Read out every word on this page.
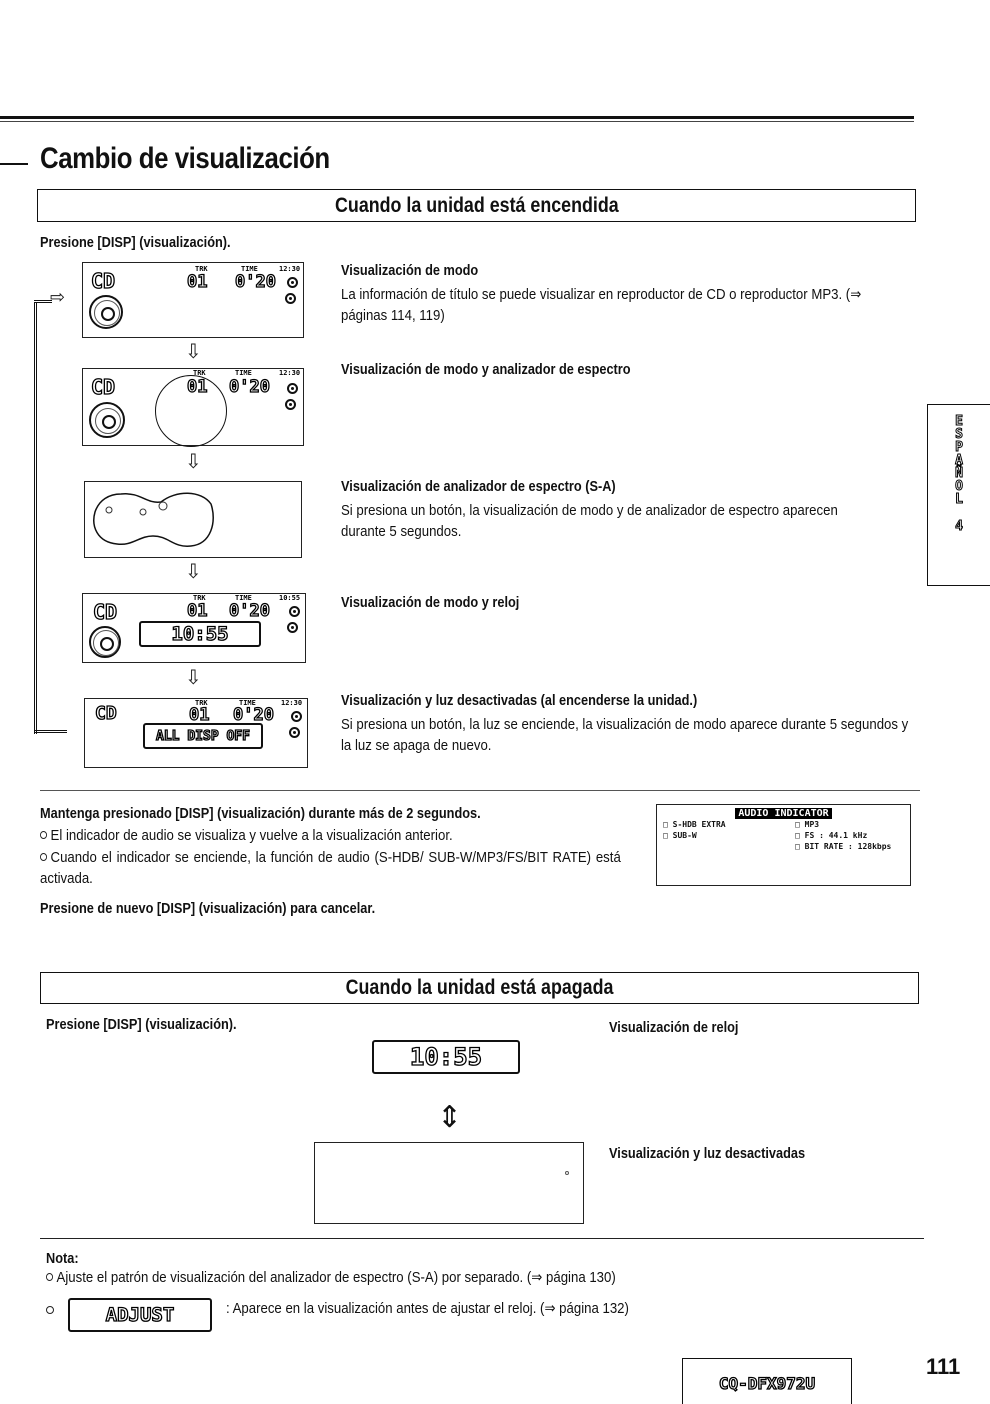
Cambio de visualización
Cuando la unidad está encendida
Presione [DISP] (visualización).
⇨
CD	TRK
01
TIME
0'20
12:30
⇩
CD
TRK
01
TIME
0'20
12:30
⇩
⇩
CD
TRK
01
TIME
0'20
10:55
10:55
⇩
CD	TRK
01
TIME
0'20
12:30
ALL DISP OFF
Visualización de modo
La información de título se puede visualizar en reproductor de CD o reproductor MP3. (⇒ páginas 114, 119)
Visualización de modo y analizador de espectro
Visualización de analizador de espectro (S-A)
Si presiona un botón, la visualización de modo y de analizador de espectro aparecen durante 5 segundos.
Visualización de modo y reloj
Visualización y luz desactivadas (al encenderse la unidad.)
Si presiona un botón, la luz se enciende, la visualización de modo aparece durante 5 segundos y la luz se apaga de nuevo.
Mantenga presionado [DISP] (visualización) durante más de 2 segundos.
El indicador de audio se visualiza y vuelve a la visualización anterior.
Cuando el indicador se enciende, la función de audio (S-HDB/ SUB-W/MP3/FS/BIT RATE) está activada.
Presione de nuevo [DISP] (visualización) para cancelar.
AUDIO INDICATOR
□ S-HDB EXTRA
□ SUB-W
□ MP3
□ FS : 44.1 kHz
□ BIT RATE : 128kbps
Cuando la unidad está apagada
Presione [DISP] (visualización).
10:55
⇕
Visualización de reloj
Visualización y luz desactivadas
Nota:
Ajuste el patrón de visualización del analizador de espectro (S-A) por separado. (⇒ página 130)
ADJUST	: Aparece en la visualización antes de ajustar el reloj. (⇒ página 132)
CQ-DFX972U
111
E
S
P
A
Ñ
O
L
4
